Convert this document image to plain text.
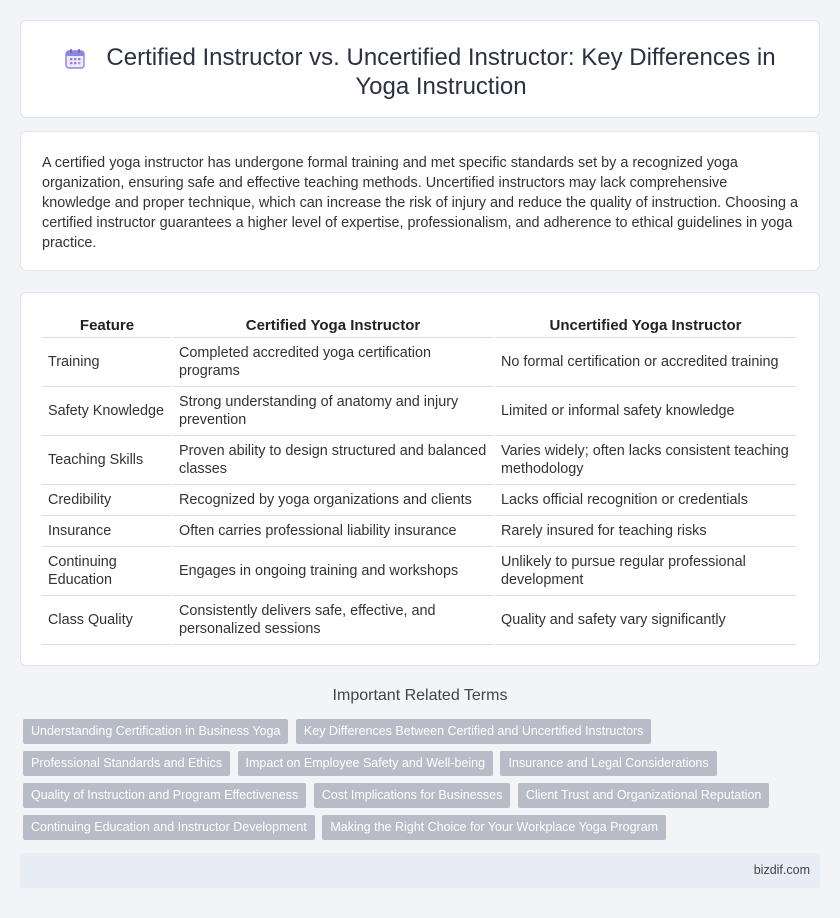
Certified Instructor vs. Uncertified Instructor: Key Differences in Yoga Instruction

A certified yoga instructor has undergone formal training and met specific standards set by a recognized yoga organization, ensuring safe and effective teaching methods. Uncertified instructors may lack comprehensive knowledge and proper technique, which can increase the risk of injury and reduce the quality of instruction. Choosing a certified instructor guarantees a higher level of expertise, professionalism, and adherence to ethical guidelines in yoga practice.

Feature	Certified Yoga Instructor	Uncertified Yoga Instructor
Training	Completed accredited yoga certification programs	No formal certification or accredited training
Safety Knowledge	Strong understanding of anatomy and injury prevention	Limited or informal safety knowledge
Teaching Skills	Proven ability to design structured and balanced classes	Varies widely; often lacks consistent teaching methodology
Credibility	Recognized by yoga organizations and clients	Lacks official recognition or credentials
Insurance	Often carries professional liability insurance	Rarely insured for teaching risks
Continuing Education	Engages in ongoing training and workshops	Unlikely to pursue regular professional development
Class Quality	Consistently delivers safe, effective, and personalized sessions	Quality and safety vary significantly
Important Related Terms
Understanding Certification in Business Yoga Key Differences Between Certified and Uncertified Instructors
Professional Standards and Ethics Impact on Employee Safety and Well-being Insurance and Legal Considerations
Quality of Instruction and Program Effectiveness Cost Implications for Businesses Client Trust and Organizational Reputation
Continuing Education and Instructor Development Making the Right Choice for Your Workplace Yoga Program
bizdif.com
